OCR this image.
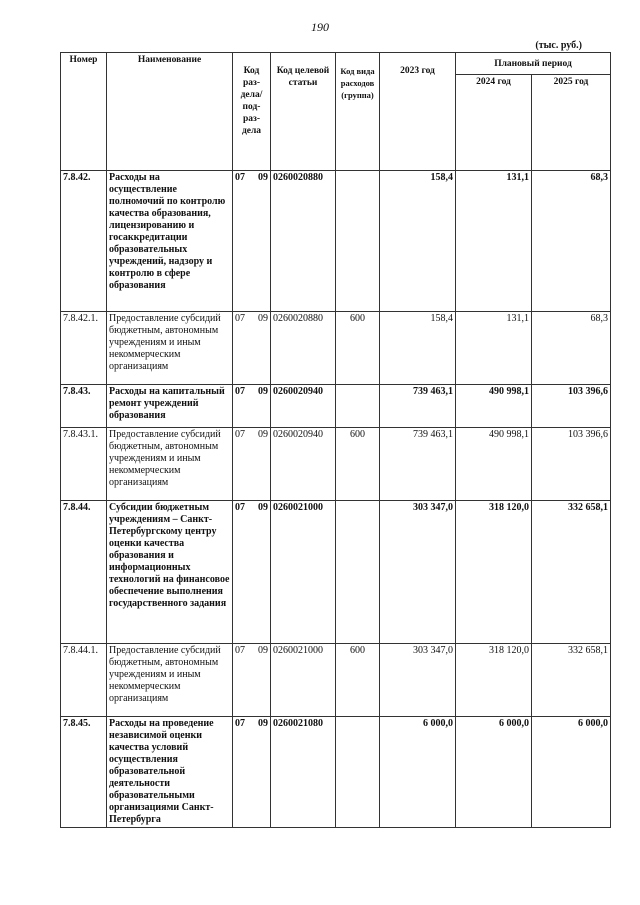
190
(тыс. руб.)
Номер	Наименование	Код раз-дела/ под-раз-дела		Код целевой статьи	Код вида расходов (группа)	2023 год	Плановый период	
							2024 год	2025 год
7.8.42.	Расходы на осуществление полномочий по контролю качества образования, лицензированию и госаккредитации образовательных учреждений, надзору и контролю в сфере образования	07	09	0260020880		158,4	131,1	68,3
7.8.42.1.	Предоставление субсидий бюджетным, автономным учреждениям и иным некоммерческим организациям	07	09	0260020880	600	158,4	131,1	68,3
7.8.43.	Расходы на капитальный ремонт учреждений образования	07	09	0260020940		739 463,1	490 998,1	103 396,6
7.8.43.1.	Предоставление субсидий бюджетным, автономным учреждениям и иным некоммерческим организациям	07	09	0260020940	600	739 463,1	490 998,1	103 396,6
7.8.44.	Субсидии бюджетным учреждениям – Санкт-Петербургскому центру оценки качества образования и информационных технологий на финансовое обеспечение выполнения государственного задания	07	09	0260021000		303 347,0	318 120,0	332 658,1
7.8.44.1.	Предоставление субсидий бюджетным, автономным учреждениям и иным некоммерческим организациям	07	09	0260021000	600	303 347,0	318 120,0	332 658,1
7.8.45.	Расходы на проведение независимой оценки качества условий осуществления образовательной деятельности образовательными организациями Санкт-Петербурга	07	09	0260021080		6 000,0	6 000,0	6 000,0
